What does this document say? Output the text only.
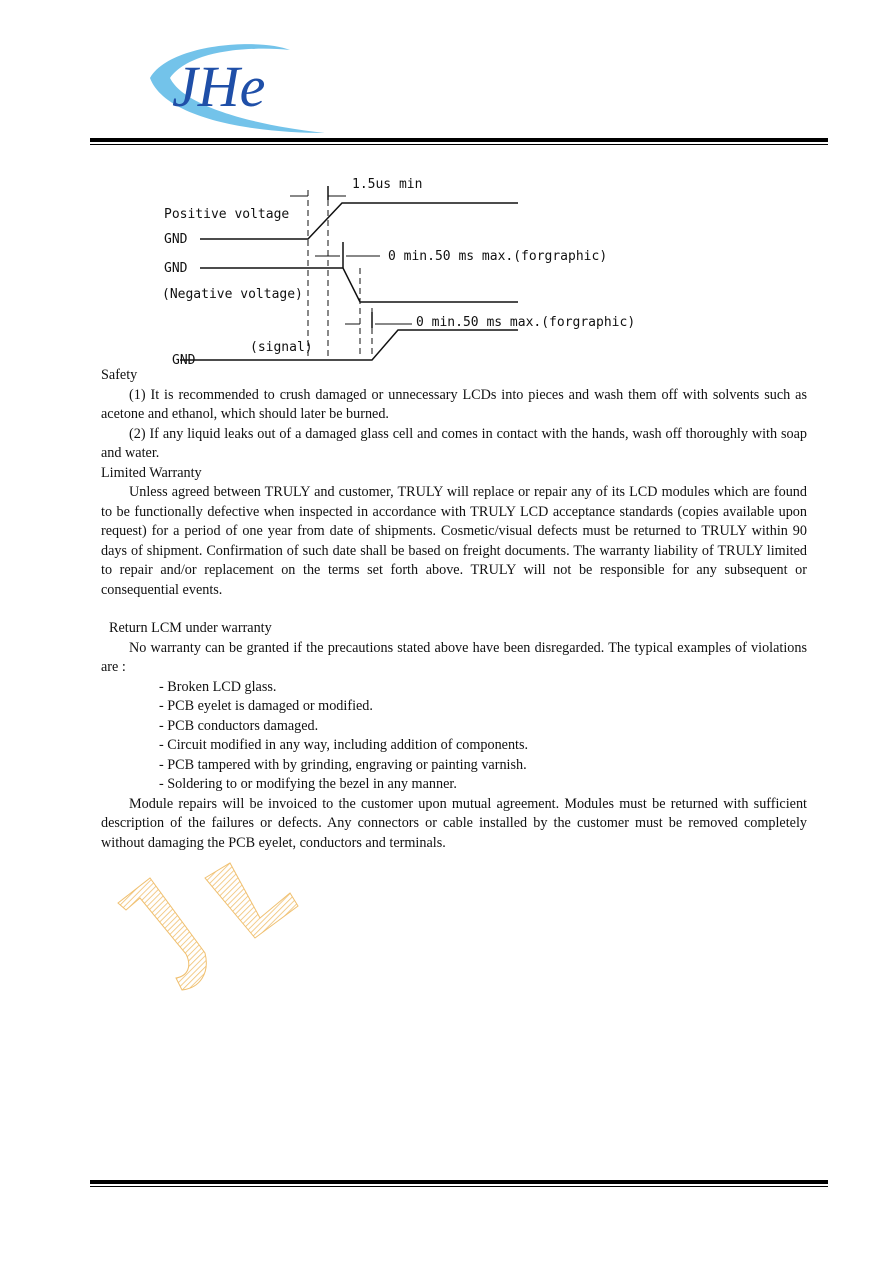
JHe
1.5us min
0 min.50 ms max.(forgraphic)
0 min.50 ms max.(forgraphic)
Positive voltage
GND
GND
(Negative voltage)
(signal)
GND

Safety

(1) It is recommended to crush damaged or unnecessary LCDs into pieces and wash them off with solvents such as acetone and ethanol, which should later be burned.

(2) If any liquid leaks out of a damaged glass cell and comes in contact with the hands, wash off thoroughly with soap and water.

Limited Warranty

Unless agreed between TRULY and customer, TRULY will replace or repair any of its LCD modules which are found to be functionally defective when inspected in accordance with TRULY LCD acceptance standards (copies available upon request) for a period of one year from date of shipments. Cosmetic/visual defects must be returned to TRULY within 90 days of shipment. Confirmation of such date shall be based on freight documents. The warranty liability of TRULY limited to repair and/or replacement on the terms set forth above. TRULY will not be responsible for any subsequent or consequential events.

Return LCM under warranty

No warranty can be granted if the precautions stated above have been disregarded. The typical examples of violations are :

- Broken LCD glass.
- PCB eyelet is damaged or modified.
- PCB conductors damaged.
- Circuit modified in any way, including addition of components.
- PCB tampered with by grinding, engraving or painting varnish.
- Soldering to or modifying the bezel in any manner.

Module repairs will be invoiced to the customer upon mutual agreement. Modules must be returned with sufficient description of the failures or defects. Any connectors or cable installed by the customer must be removed completely without damaging the PCB eyelet, conductors and terminals.
